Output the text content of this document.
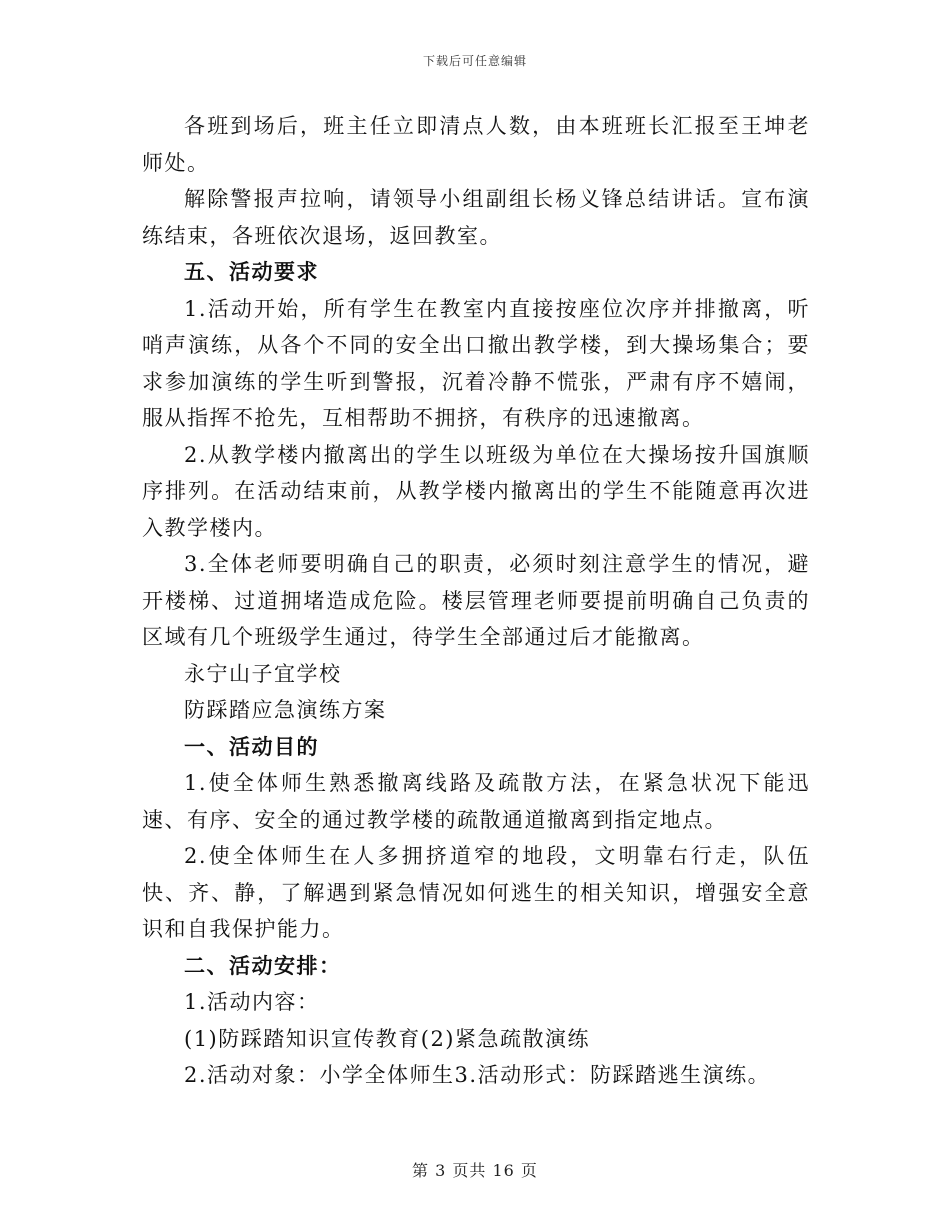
下载后可任意编辑

各班到场后，班主任立即清点人数，由本班班长汇报至王坤老师处。

解除警报声拉响，请领导小组副组长杨义锋总结讲话。宣布演练结束，各班依次退场，返回教室。

五、活动要求

1.活动开始，所有学生在教室内直接按座位次序并排撤离，听哨声演练，从各个不同的安全出口撤出教学楼，到大操场集合；要求参加演练的学生听到警报，沉着冷静不慌张，严肃有序不嬉闹，服从指挥不抢先，互相帮助不拥挤，有秩序的迅速撤离。

2.从教学楼内撤离出的学生以班级为单位在大操场按升国旗顺序排列。在活动结束前，从教学楼内撤离出的学生不能随意再次进入教学楼内。

3.全体老师要明确自己的职责，必须时刻注意学生的情况，避开楼梯、过道拥堵造成危险。楼层管理老师要提前明确自己负责的区域有几个班级学生通过，待学生全部通过后才能撤离。

永宁山子宜学校

防踩踏应急演练方案

一、活动目的

1.使全体师生熟悉撤离线路及疏散方法，在紧急状况下能迅速、有序、安全的通过教学楼的疏散通道撤离到指定地点。

2.使全体师生在人多拥挤道窄的地段，文明靠右行走，队伍快、齐、静，了解遇到紧急情况如何逃生的相关知识，增强安全意识和自我保护能力。

二、活动安排：

1.活动内容：

(1)防踩踏知识宣传教育(2)紧急疏散演练

2.活动对象：小学全体师生3.活动形式：防踩踏逃生演练。

第 3 页共 16 页
